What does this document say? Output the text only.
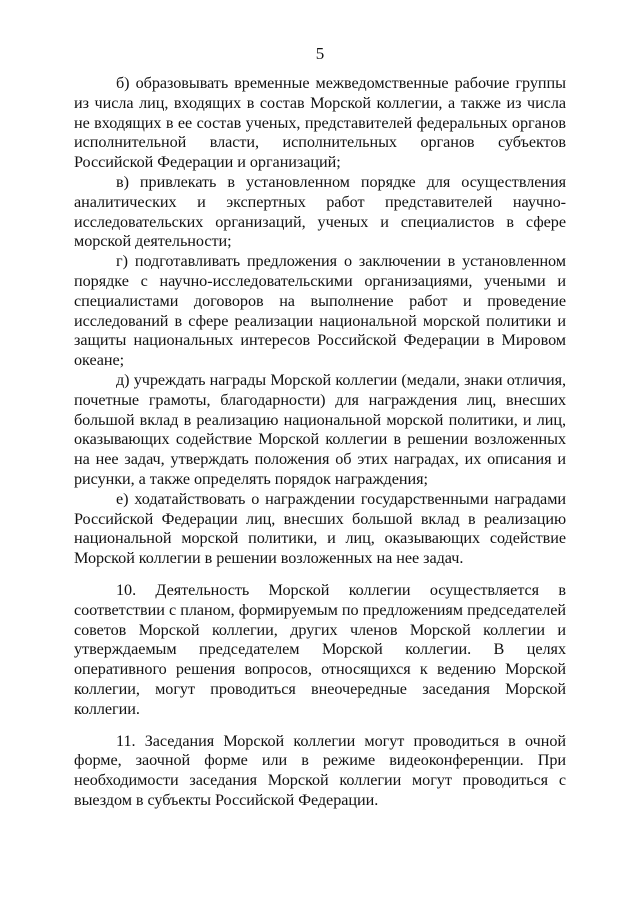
5

б) образовывать временные межведомственные рабочие группы из числа лиц, входящих в состав Морской коллегии, а также из числа не входящих в ее состав ученых, представителей федеральных органов исполнительной власти, исполнительных органов субъектов Российской Федерации и организаций;

в) привлекать в установленном порядке для осуществления аналитических и экспертных работ представителей научно-исследовательских организаций, ученых и специалистов в сфере морской деятельности;

г) подготавливать предложения о заключении в установленном порядке с научно-исследовательскими организациями, учеными и специалистами договоров на выполнение работ и проведение исследований в сфере реализации национальной морской политики и защиты национальных интересов Российской Федерации в Мировом океане;

д) учреждать награды Морской коллегии (медали, знаки отличия, почетные грамоты, благодарности) для награждения лиц, внесших большой вклад в реализацию национальной морской политики, и лиц, оказывающих содействие Морской коллегии в решении возложенных на нее задач, утверждать положения об этих наградах, их описания и рисунки, а также определять порядок награждения;

е) ходатайствовать о награждении государственными наградами Российской Федерации лиц, внесших большой вклад в реализацию национальной морской политики, и лиц, оказывающих содействие Морской коллегии в решении возложенных на нее задач.

10. Деятельность Морской коллегии осуществляется в соответствии с планом, формируемым по предложениям председателей советов Морской коллегии, других членов Морской коллегии и утверждаемым председателем Морской коллегии. В целях оперативного решения вопросов, относящихся к ведению Морской коллегии, могут проводиться внеочередные заседания Морской коллегии.

11. Заседания Морской коллегии могут проводиться в очной форме, заочной форме или в режиме видеоконференции. При необходимости заседания Морской коллегии могут проводиться с выездом в субъекты Российской Федерации.
